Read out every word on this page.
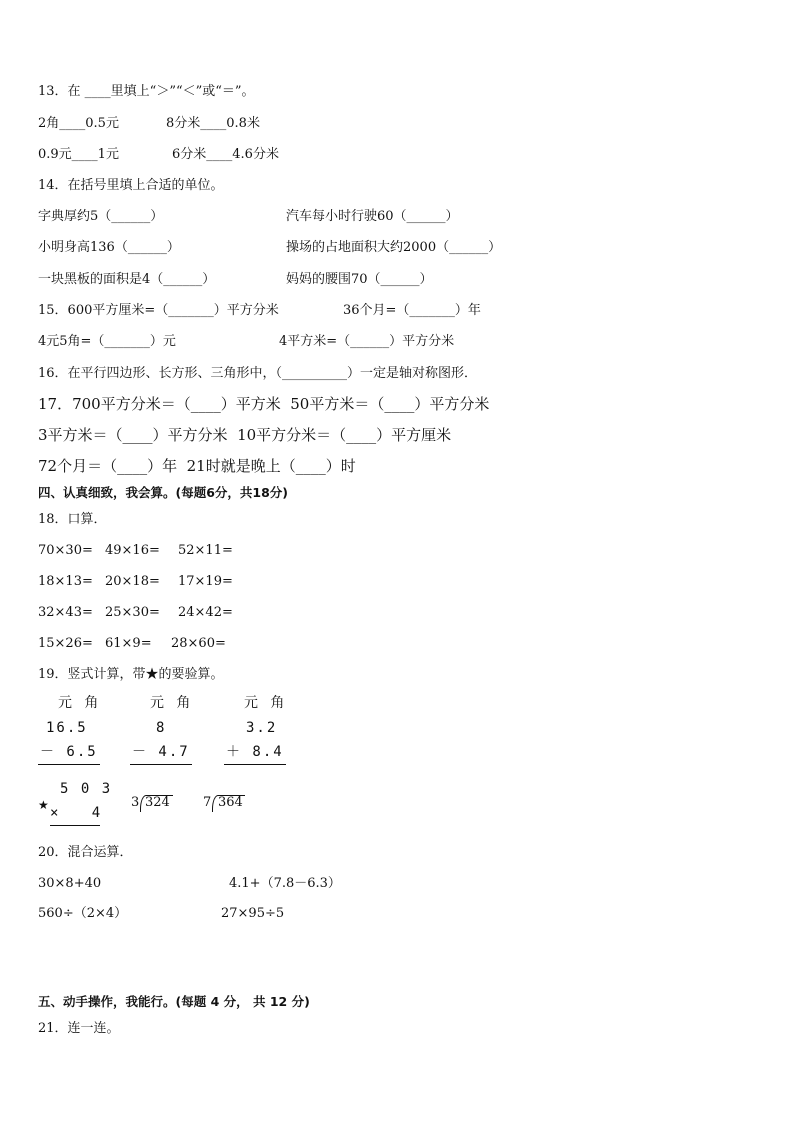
13．在 ____里填上“＞”“＜”或“＝”。
2角____0.5元	8分米____0.8米
0.9元____1元	6分米____4.6分米
14．在括号里填上合适的单位。
字典厚约5（______）	汽车每小时行驶60（______）
小明身高136（______）	操场的占地面积大约2000（______）
一块黑板的面积是4（______）	妈妈的腰围70（______）
15．600平方厘米=（_______）平方分米	36个月=（_______）年
4元5角=（_______）元	4平方米=（______）平方分米
16．在平行四边形、长方形、三角形中，（__________）一定是轴对称图形．
17．700平方分米＝（____）平方米  50平方米＝（____）平方分米
3平方米＝（____）平方分米  10平方分米＝（____）平方厘米
72个月＝（____）年  21时就是晚上（____）时
四、认真细致，我会算。(每题6分，共18分)
18．口算．
70×30= 49×16= 52×11=
18×13= 20×18= 17×19=
32×43= 25×30= 24×42=
15×26= 61×9= 28×60=
19．竖式计算，带★的要验算。
元 角	元 角	元 角
16.5
－ 6.5
8
－ 4.7
3.2
＋ 8.4
★
5 0 3
×   4
3 324	7 364
20．混合运算．
30×8+40	4.1+（7.8－6.3）
560÷（2×4）	27×95÷5
五、动手操作，我能行。(每题 4 分， 共 12 分)
21．连一连。
